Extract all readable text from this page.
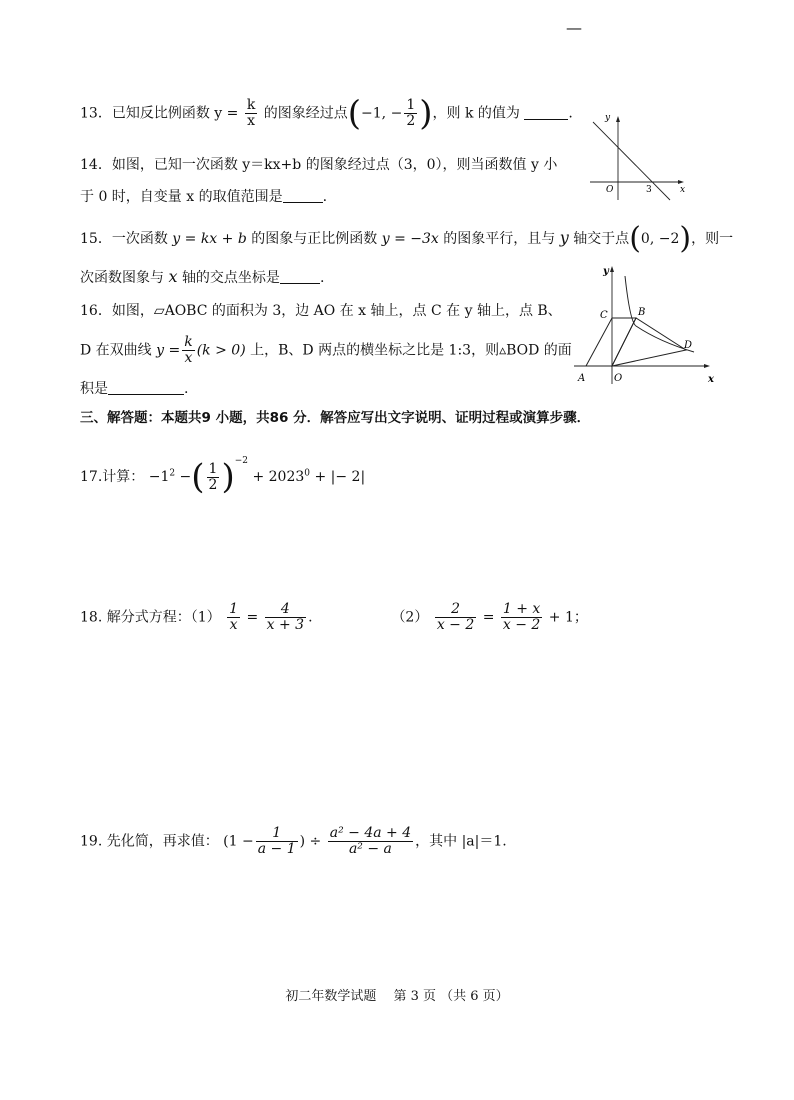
—
13．已知反比例函数 $y = \frac{k}{x}$ 的图象经过点(−1, − $\frac{1}{2}$ )，则 k 的值为	.	y
x
O	3
14．如图，已知一次函数 y＝kx+b 的图象经过点（3，0），则当函数值 y 小
于 0 时，自变量 x 的取值范围是	.
15．一次函数 y = kx + b 的图象与正比例函数 y = −3x 的图象平行，且与 y 轴交于点(0, −2)，则一
次函数图象与 x 轴的交点坐标是	.	y
x
C	B
D
A	O
16．如图，▱AOBC 的面积为 3，边 AO 在 x 轴上，点 C 在 y 轴上，点 B、
D 在双曲线 $y = \frac{k}{x} (k > 0)$ 上，B、D 两点的横坐标之比是 1:3，则▵BOD 的面
积是	.
三、解答题：本题共9 小题，共86 分．解答应写出文字说明、证明过程或演算步骤．
17.计算： $-1^2$ −( $\frac{1}{2} )^{-2} + 2023^0$ + |− 2|
18. 解分式方程：$(1) \frac{1}{x} = \frac{4}{x + 3}$ .	$(2) \frac{2}{x - 2} = \frac{1 + x}{x - 2} + 1$；
19. 先化简，再求值： ($1 - \frac{1}{a - 1}$ ) ÷ $\frac{\text{a² − 4a + 4}}{\text{a² − a}}$ ，其中 |a|＝1.
初二年数学试题　 第 3 页 （共 6 页）
